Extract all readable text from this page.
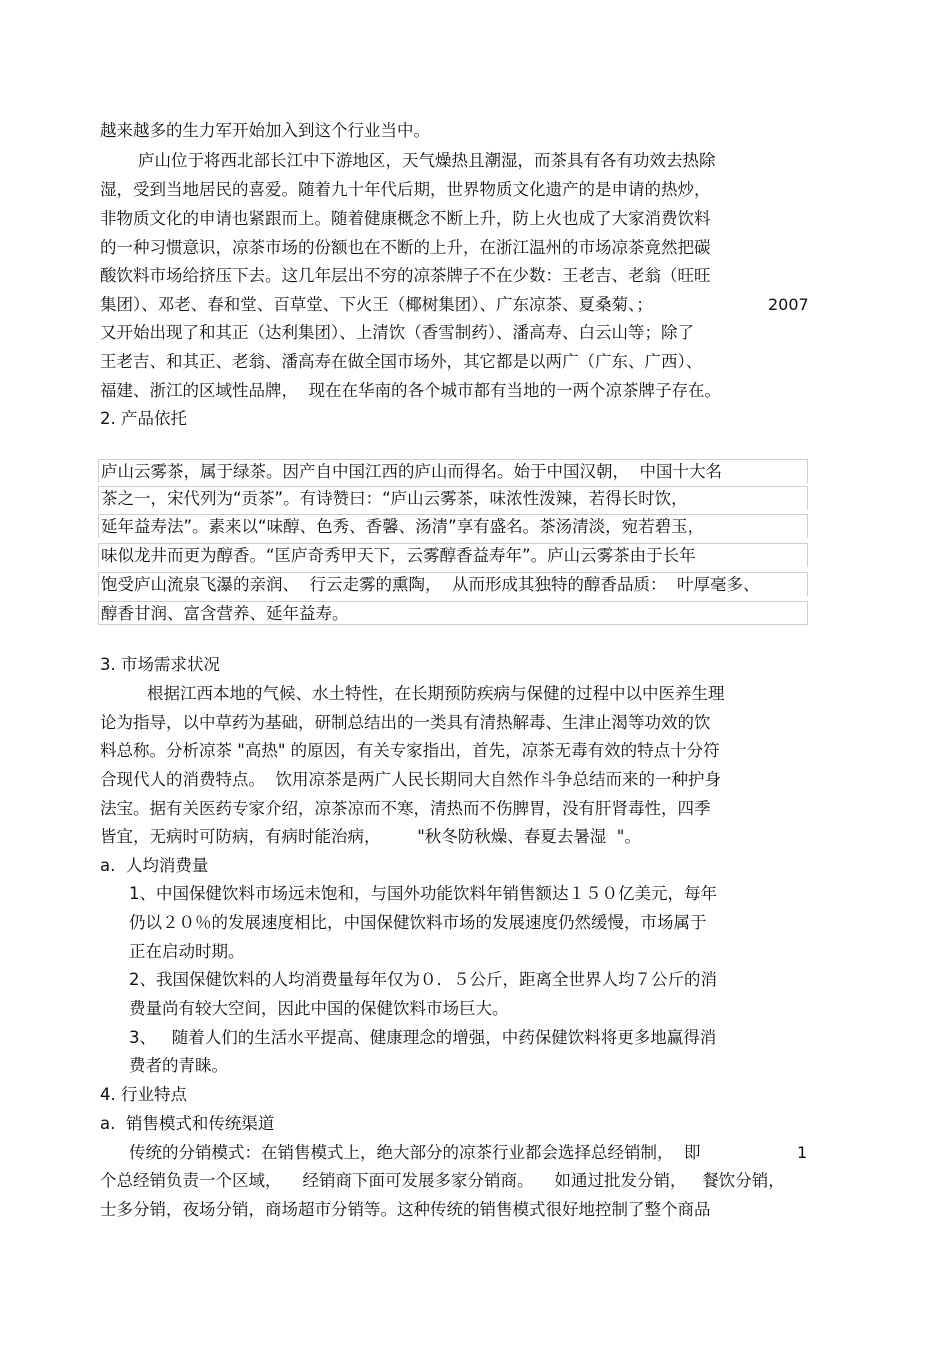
越来越多的生力军开始加入到这个行业当中。
庐山位于将西北部长江中下游地区，天气燥热且潮湿，而茶具有各有功效去热除
湿，受到当地居民的喜爱。随着九十年代后期，世界物质文化遗产的是申请的热炒，
非物质文化的申请也紧跟而上。随着健康概念不断上升，防上火也成了大家消费饮料
的一种习惯意识，凉茶市场的份额也在不断的上升，在浙江温州的市场凉茶竟然把碳
酸饮料市场给挤压下去。这几年层出不穷的凉茶牌子不在少数：王老吉、老翁（旺旺
集团）、邓老、春和堂、百草堂、下火王（椰树集团）、广东凉茶、夏桑菊、；	2007
又开始出现了和其正（达利集团）、上清饮（香雪制药）、潘高寿、白云山等；除了
王老吉、和其正、老翁、潘高寿在做全国市场外，其它都是以两广（广东、广西）、
福建、浙江的区域性品牌，  现在在华南的各个城市都有当地的一两个凉茶牌子存在。
2. 产品依托
庐山云雾茶，属于绿茶。因产自中国江西的庐山而得名。始于中国汉朝，  中国十大名
茶之一，宋代列为“贡茶”。有诗赞曰：“庐山云雾茶，味浓性泼辣，若得长时饮，
延年益寿法”。素来以“味醇、色秀、香馨、汤清”享有盛名。茶汤清淡，宛若碧玉，
味似龙井而更为醇香。“匡庐奇秀甲天下，云雾醇香益寿年”。庐山云雾茶由于长年
饱受庐山流泉飞瀑的亲润、  行云走雾的熏陶，  从而形成其独特的醇香品质：  叶厚毫多、
醇香甘润、富含营养、延年益寿。
3. 市场需求状况
根据江西本地的气候、水土特性，在长期预防疾病与保健的过程中以中医养生理
论为指导，以中草药为基础，研制总结出的一类具有清热解毒、生津止渴等功效的饮
料总称。分析凉茶 "高热" 的原因，有关专家指出，首先，凉茶无毒有效的特点十分符
合现代人的消费特点。  饮用凉茶是两广人民长期同大自然作斗争总结而来的一种护身
法宝。据有关医药专家介绍，凉茶凉而不寒，清热而不伤脾胃，没有肝肾毒性，四季
皆宜，无病时可防病，有病时能治病，       "秋冬防秋燥、春夏去暑湿  "。
a.  人均消费量
1、中国保健饮料市场远未饱和，与国外功能饮料年销售额达１５０亿美元，每年
仍以２０％的发展速度相比，中国保健饮料市场的发展速度仍然缓慢，市场属于
正在启动时期。
2、我国保健饮料的人均消费量每年仅为０．５公斤，距离全世界人均７公斤的消
费量尚有较大空间，因此中国的保健饮料市场巨大。
3、   随着人们的生活水平提高、健康理念的增强，中药保健饮料将更多地赢得消
费者的青睐。
4. 行业特点
a.  销售模式和传统渠道
传统的分销模式：在销售模式上，绝大部分的凉茶行业都会选择总经销制，  即	1
个总经销负责一个区域，    经销商下面可发展多家分销商。    如通过批发分销，   餐饮分销，
士多分销，夜场分销，商场超市分销等。这种传统的销售模式很好地控制了整个商品
